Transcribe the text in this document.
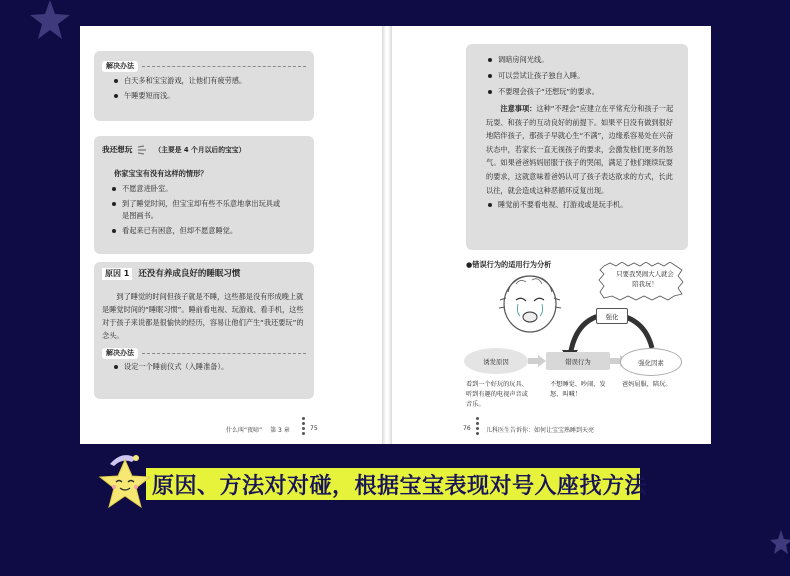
解决办法
白天多和宝宝游戏，让他们有疲劳感。
午睡要短而浅。
我还想玩	（主要是 4 个月以后的宝宝）
你家宝宝有没有这样的情形？
不愿意进卧室。
到了睡觉时间，但宝宝却有些不乐意地拿出玩具或是图画书。
看起来已有困意，但却不愿意睡觉。
原因 1	还没有养成良好的睡眠习惯
到了睡觉的时间但孩子就是不睡，这些都是没有形成晚上就是睡觉时间的“睡眠习惯”。睡前看电视、玩游戏、看手机，这些对于孩子来说都是很愉快的经历，容易让他们产生“我还要玩”的念头。
解决办法
设定一个睡前仪式（入睡准备）。
什么叫“夜啼” 第 3 章	75
调暗房间光线。
可以尝试让孩子独自入睡。
不要理会孩子“还想玩”的要求。
注意事项：这种“不理会”应建立在平常充分和孩子一起玩耍、和孩子的互动良好的前提下。如果平日没有做到很好地陪伴孩子，那孩子早就心生“不满”，边缘系容易处在兴奋状态中，若家长一直无视孩子的要求，会激发他们更多的怒气。如果爸爸妈妈屈服于孩子的哭闹，满足了他们继续玩耍的要求，这就意味着爸妈认可了孩子表达欲求的方式，长此以往，就会造成这种恶循环反复出现。
睡觉前不要看电视、打游戏或是玩手机。
●错误行为的适用行为分析
只要我哭闹大人就会陪我玩！
强化
诱发原因	错误行为	强化因素
看到一个好玩的玩具、听到有趣的电视声音或音乐。
不想睡觉、吵闹、发怒、叫喊！
爸妈屈服，陪玩。
76	儿科医生告诉你：如何让宝宝熟睡到天亮
原因、方法对对碰，根据宝宝表现对号入座找方法
